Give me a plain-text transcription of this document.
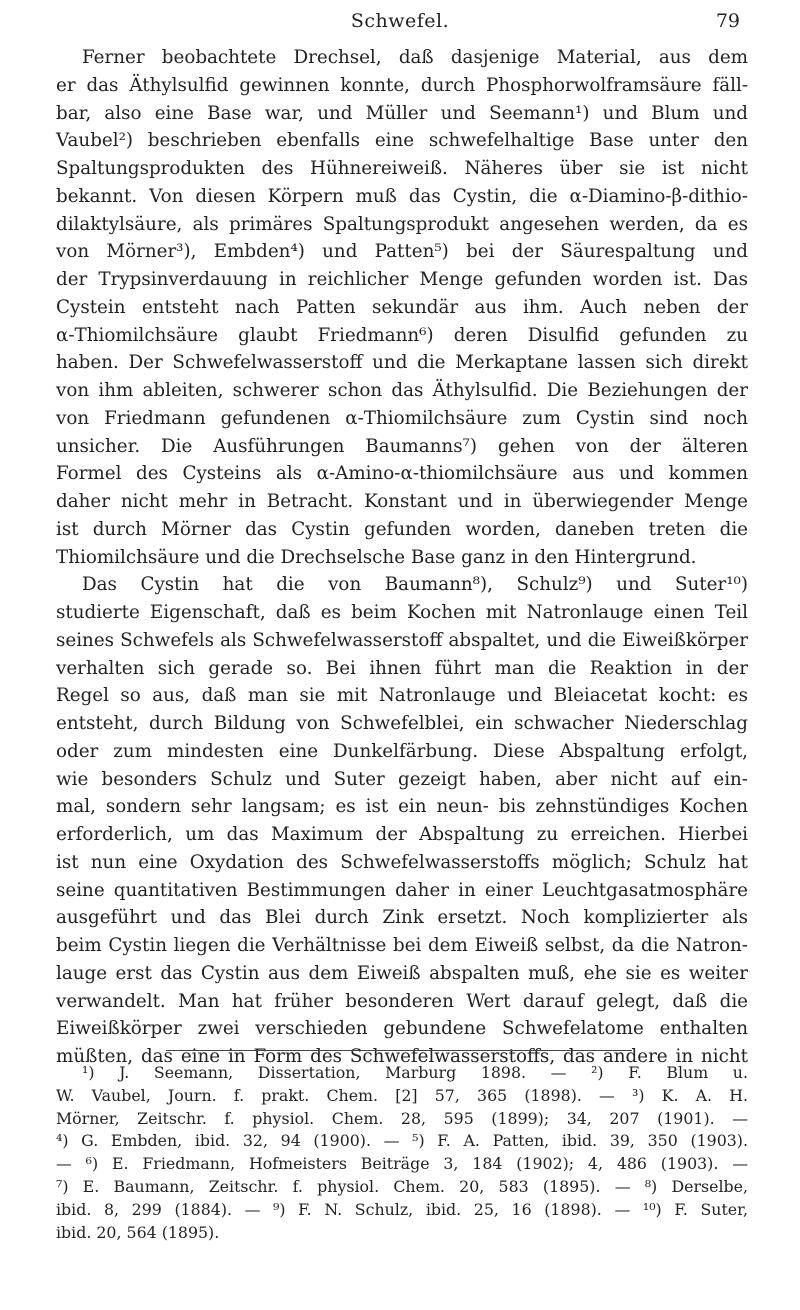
Schwefel.	79
Ferner beobachtete Drechsel, daß dasjenige Material, aus dem
er das Äthylsulfid gewinnen konnte, durch Phosphorwolframsäure fäll-
bar, also eine Base war, und Müller und Seemann¹) und Blum und
Vaubel²) beschrieben ebenfalls eine schwefelhaltige Base unter den
Spaltungsprodukten des Hühnereiweiß. Näheres über sie ist nicht
bekannt. Von diesen Körpern muß das Cystin, die α-Diamino-β-dithio-
dilaktylsäure, als primäres Spaltungsprodukt angesehen werden, da es
von Mörner³), Embden⁴) und Patten⁵) bei der Säurespaltung und
der Trypsinverdauung in reichlicher Menge gefunden worden ist. Das
Cystein entsteht nach Patten sekundär aus ihm. Auch neben der
α-Thiomilchsäure glaubt Friedmann⁶) deren Disulfid gefunden zu
haben. Der Schwefelwasserstoff und die Merkaptane lassen sich direkt
von ihm ableiten, schwerer schon das Äthylsulfid. Die Beziehungen der
von Friedmann gefundenen α-Thiomilchsäure zum Cystin sind noch
unsicher. Die Ausführungen Baumanns⁷) gehen von der älteren
Formel des Cysteins als α-Amino-α-thiomilchsäure aus und kommen
daher nicht mehr in Betracht. Konstant und in überwiegender Menge
ist durch Mörner das Cystin gefunden worden, daneben treten die
Thiomilchsäure und die Drechselsche Base ganz in den Hintergrund.
Das Cystin hat die von Baumann⁸), Schulz⁹) und Suter¹⁰)
studierte Eigenschaft, daß es beim Kochen mit Natronlauge einen Teil
seines Schwefels als Schwefelwasserstoff abspaltet, und die Eiweißkörper
verhalten sich gerade so. Bei ihnen führt man die Reaktion in der
Regel so aus, daß man sie mit Natronlauge und Bleiacetat kocht: es
entsteht, durch Bildung von Schwefelblei, ein schwacher Niederschlag
oder zum mindesten eine Dunkelfärbung. Diese Abspaltung erfolgt,
wie besonders Schulz und Suter gezeigt haben, aber nicht auf ein-
mal, sondern sehr langsam; es ist ein neun- bis zehnstündiges Kochen
erforderlich, um das Maximum der Abspaltung zu erreichen. Hierbei
ist nun eine Oxydation des Schwefelwasserstoffs möglich; Schulz hat
seine quantitativen Bestimmungen daher in einer Leuchtgasatmosphäre
ausgeführt und das Blei durch Zink ersetzt. Noch komplizierter als
beim Cystin liegen die Verhältnisse bei dem Eiweiß selbst, da die Natron-
lauge erst das Cystin aus dem Eiweiß abspalten muß, ehe sie es weiter
verwandelt. Man hat früher besonderen Wert darauf gelegt, daß die
Eiweißkörper zwei verschieden gebundene Schwefelatome enthalten
müßten, das eine in Form des Schwefelwasserstoffs, das andere in nicht
¹) J. Seemann, Dissertation, Marburg 1898. — ²) F. Blum u.
W. Vaubel, Journ. f. prakt. Chem. [2] 57, 365 (1898). — ³) K. A. H.
Mörner, Zeitschr. f. physiol. Chem. 28, 595 (1899); 34, 207 (1901). —
⁴) G. Embden, ibid. 32, 94 (1900). — ⁵) F. A. Patten, ibid. 39, 350 (1903).
— ⁶) E. Friedmann, Hofmeisters Beiträge 3, 184 (1902); 4, 486 (1903). —
⁷) E. Baumann, Zeitschr. f. physiol. Chem. 20, 583 (1895). — ⁸) Derselbe,
ibid. 8, 299 (1884). — ⁹) F. N. Schulz, ibid. 25, 16 (1898). — ¹⁰) F. Suter,
ibid. 20, 564 (1895).
